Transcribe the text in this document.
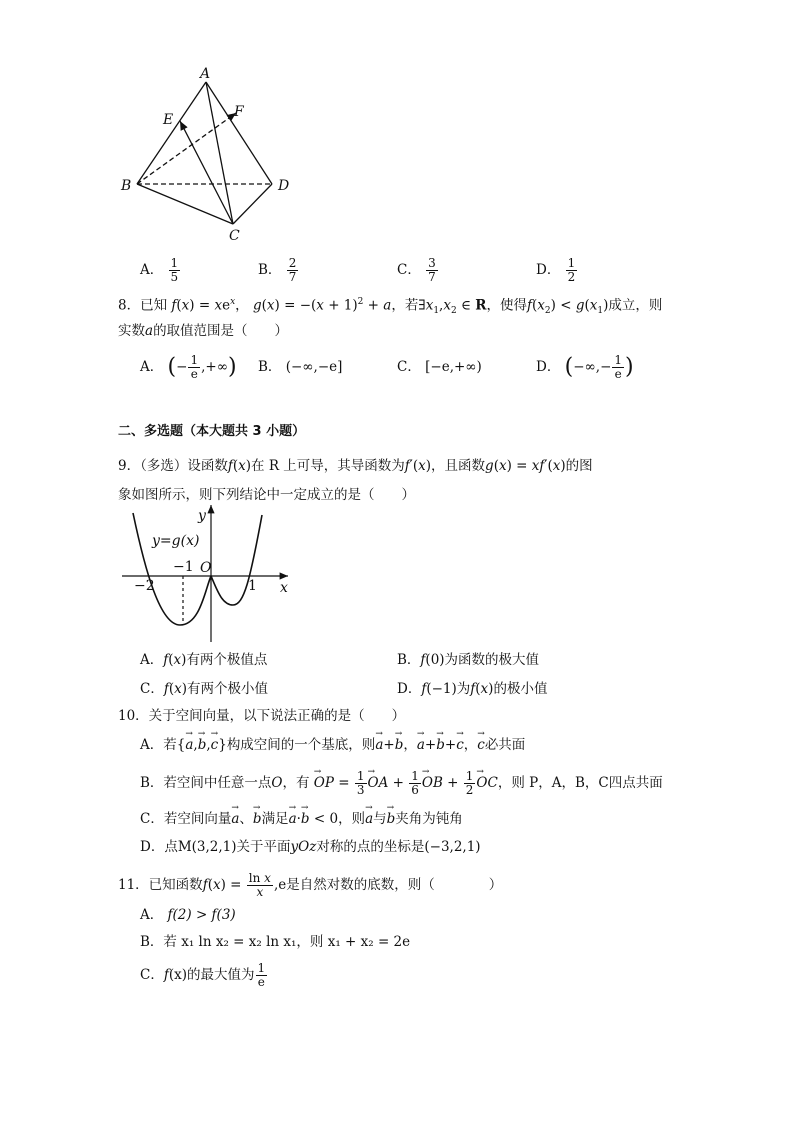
A
E	F
B	D
C
A． $\frac{1}{5}$	B． $\frac{2}{7}$	C． $\frac{3}{7}$	D． $\frac{1}{2}$
8．已知 $f(x) = xe^x$， $g(x) = -(x + 1)^2 + a$，若$\exists x_1,x_2$ ∈ R，使得$f(x_2) < g(x_1)$成立，则
实数a的取值范围是（　　）
A． (− $\frac{1}{e}$ ,+∞) B． (−∞,−e]	C． [−e,+∞)	D． (−∞,− $\frac{1}{e}$ )
二、多选题（本大题共 3 小题）
9．（多选）设函数f(x)在 R 上可导，其导函数为f′(x)，且函数g(x) = xf′(x)的图
象如图所示，则下列结论中一定成立的是（　　）
y=g(x)
y
x
O
−2
−1
1
A．f(x)有两个极值点	B．f(0)为函数的极大值
C．f(x)有两个极小值	D．f(−1)为f(x)的极小值
10．关于空间向量，以下说法正确的是（　　）
A．若{→ a,→ b,→ c}构成空间的一个基底，则→ a+→ b，→ a+→ b+→ c，→ c必共面
B．若空间中任意一点O，有 → OP = $\frac{1}{3}$ → OA + $\frac{1}{6}$ → OB + $\frac{1}{2}$ → OC，则 P，A，B，C四点共面
C．若空间向量→ a、→ b满足→ a·→ b < 0，则→ a与→ b夹角为钝角
D．点M(3,2,1)关于平面yOz对称的点的坐标是(−3,2,1)
11．已知函数$f(x) = \frac{\text{ln x}}{x} ,e$是自然对数的底数，则（　　　　）
A． f(2) > f(3)
B．若 x₁ ln x₂ = x₂ ln x₁，则 x₁ + x₂ = 2e
C．f(x)的最大值为 $\frac{1}{e}$
